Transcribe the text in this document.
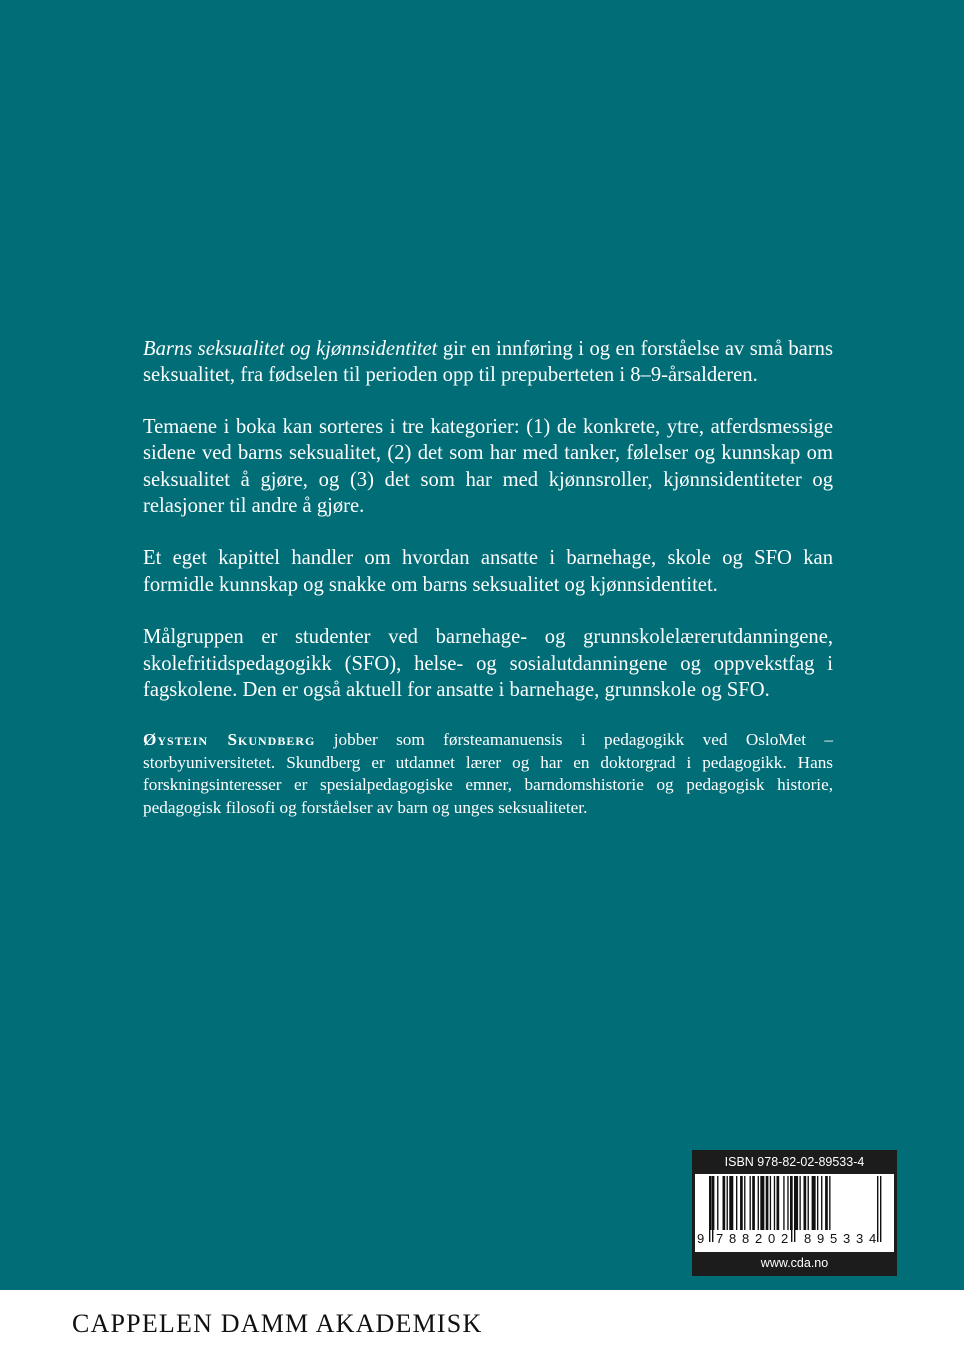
Barns seksualitet og kjønnsidentitet gir en innføring i og en forståelse av små barns seksualitet, fra fødselen til perioden opp til prepuberteten i 8–9-årsalderen.

Temaene i boka kan sorteres i tre kategorier: (1) de konkrete, ytre, atferdsmessige sidene ved barns seksualitet, (2) det som har med tanker, følelser og kunnskap om seksualitet å gjøre, og (3) det som har med kjønnsroller, kjønnsidentiteter og relasjoner til andre å gjøre.

Et eget kapittel handler om hvordan ansatte i barnehage, skole og SFO kan formidle kunnskap og snakke om barns seksualitet og kjønnsidentitet.

Målgruppen er studenter ved barnehage- og grunnskolelærerutdanningene, skolefritidspedagogikk (SFO), helse- og sosialutdanningene og oppvekstfag i fagskolene. Den er også aktuell for ansatte i barnehage, grunnskole og SFO.

Øystein Skundberg jobber som førsteamanuensis i pedagogikk ved OsloMet – storbyuniversitetet. Skundberg er utdannet lærer og har en doktorgrad i pedagogikk. Hans forskningsinteresser er spesialpedagogiske emner, barndomshistorie og pedagogisk historie, pedagogisk filosofi og forståelser av barn og unges seksualiteter.

ISBN 978-82-02-89533-4
9 7 8 8 2 0 2 8 9 5 3 3 4
www.cda.no
CAPPELEN DAMM AKADEMISK
